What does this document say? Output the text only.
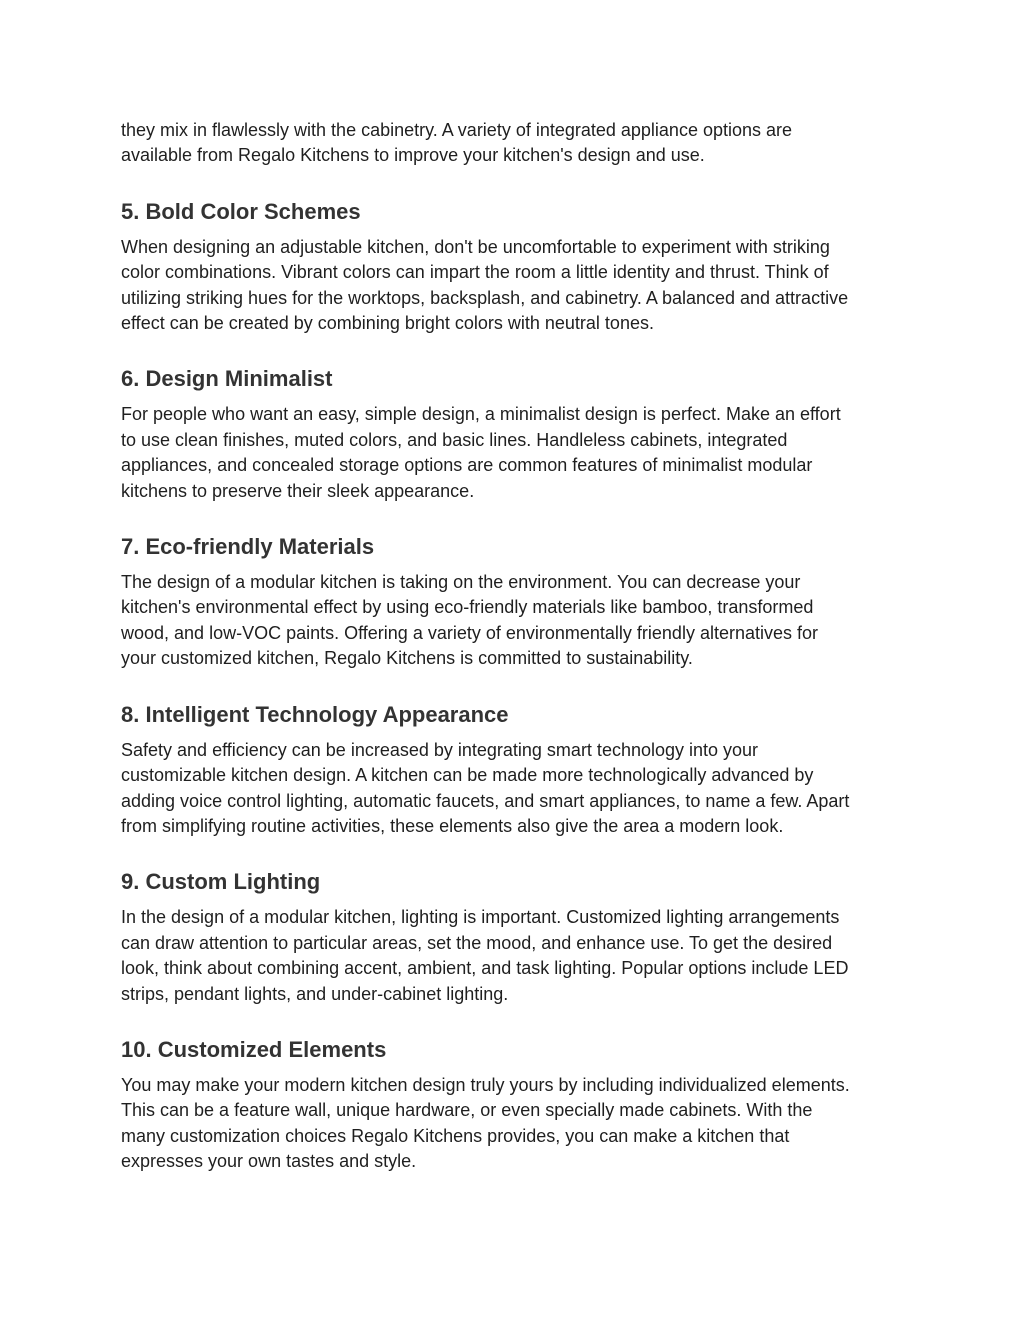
they mix in flawlessly with the cabinetry. A variety of integrated appliance options are
available from Regalo Kitchens to improve your kitchen's design and use.

5. Bold Color Schemes

When designing an adjustable kitchen, don't be uncomfortable to experiment with striking
color combinations. Vibrant colors can impart the room a little identity and thrust. Think of
utilizing striking hues for the worktops, backsplash, and cabinetry. A balanced and attractive
effect can be created by combining bright colors with neutral tones.

6. Design Minimalist

For people who want an easy, simple design, a minimalist design is perfect. Make an effort
to use clean finishes, muted colors, and basic lines. Handleless cabinets, integrated
appliances, and concealed storage options are common features of minimalist modular
kitchens to preserve their sleek appearance.

7. Eco-friendly Materials

The design of a modular kitchen is taking on the environment. You can decrease your
kitchen's environmental effect by using eco-friendly materials like bamboo, transformed
wood, and low-VOC paints. Offering a variety of environmentally friendly alternatives for
your customized kitchen, Regalo Kitchens is committed to sustainability.

8. Intelligent Technology Appearance

Safety and efficiency can be increased by integrating smart technology into your
customizable kitchen design. A kitchen can be made more technologically advanced by
adding voice control lighting, automatic faucets, and smart appliances, to name a few. Apart
from simplifying routine activities, these elements also give the area a modern look.

9. Custom Lighting

In the design of a modular kitchen, lighting is important. Customized lighting arrangements
can draw attention to particular areas, set the mood, and enhance use. To get the desired
look, think about combining accent, ambient, and task lighting. Popular options include LED
strips, pendant lights, and under-cabinet lighting.

10. Customized Elements

You may make your modern kitchen design truly yours by including individualized elements.
This can be a feature wall, unique hardware, or even specially made cabinets. With the
many customization choices Regalo Kitchens provides, you can make a kitchen that
expresses your own tastes and style.
